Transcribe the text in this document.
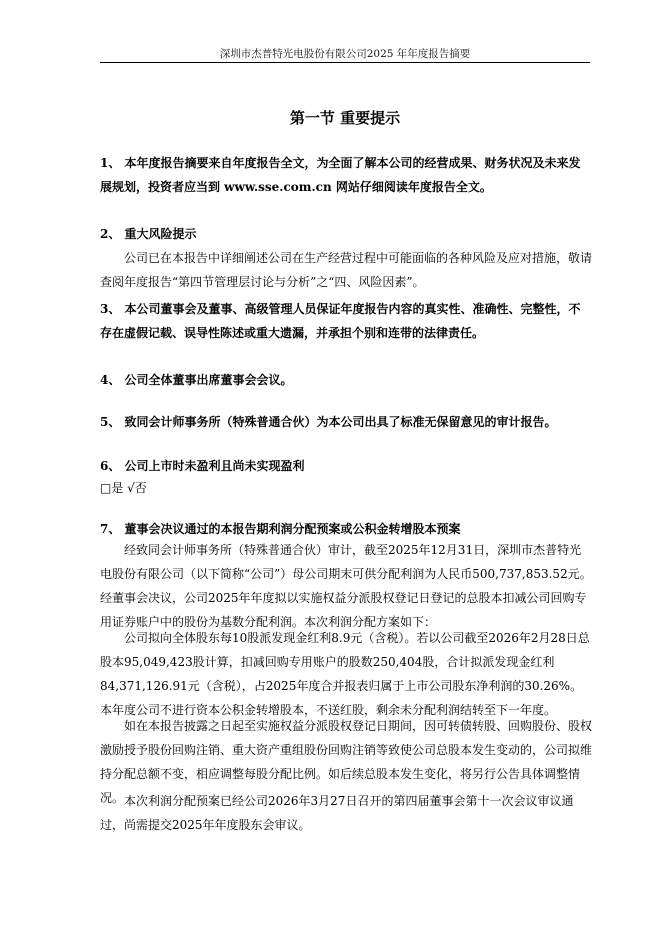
深圳市杰普特光电股份有限公司2025 年年度报告摘要
第一节 重要提示

1、 本年度报告摘要来自年度报告全文，为全面了解本公司的经营成果、财务状况及未来发展规划，投资者应当到 www.sse.com.cn 网站仔细阅读年度报告全文。

2、 重大风险提示

公司已在本报告中详细阐述公司在生产经营过程中可能面临的各种风险及应对措施，敬请查阅年度报告“第四节管理层讨论与分析”之“四、风险因素”。

3、 本公司董事会及董事、高级管理人员保证年度报告内容的真实性、准确性、完整性，不存在虚假记载、误导性陈述或重大遗漏，并承担个别和连带的法律责任。

4、 公司全体董事出席董事会会议。

5、 致同会计师事务所（特殊普通合伙）为本公司出具了标准无保留意见的审计报告。

6、 公司上市时未盈利且尚未实现盈利

□是 √否

7、 董事会决议通过的本报告期利润分配预案或公积金转增股本预案

经致同会计师事务所（特殊普通合伙）审计，截至2025年12月31日，深圳市杰普特光电股份有限公司（以下简称“公司”）母公司期末可供分配利润为人民币500,737,853.52元。经董事会决议，公司2025年年度拟以实施权益分派股权登记日登记的总股本扣减公司回购专用证券账户中的股份为基数分配利润。本次利润分配方案如下：

公司拟向全体股东每10股派发现金红利8.9元（含税）。若以公司截至2026年2月28日总股本95,049,423股计算，扣减回购专用账户的股数250,404股，合计拟派发现金红利84,371,126.91元（含税），占2025年度合并报表归属于上市公司股东净利润的30.26%。本年度公司不进行资本公积金转增股本，不送红股，剩余未分配利润结转至下一年度。

如在本报告披露之日起至实施权益分派股权登记日期间，因可转债转股、回购股份、股权激励授予股份回购注销、重大资产重组股份回购注销等致使公司总股本发生变动的，公司拟维持分配总额不变，相应调整每股分配比例。如后续总股本发生变化，将另行公告具体调整情况。 本次利润分配预案已经公司2026年3月27日召开的第四届董事会第十一次会议审议通过，尚需提交2025年年度股东会审议。
